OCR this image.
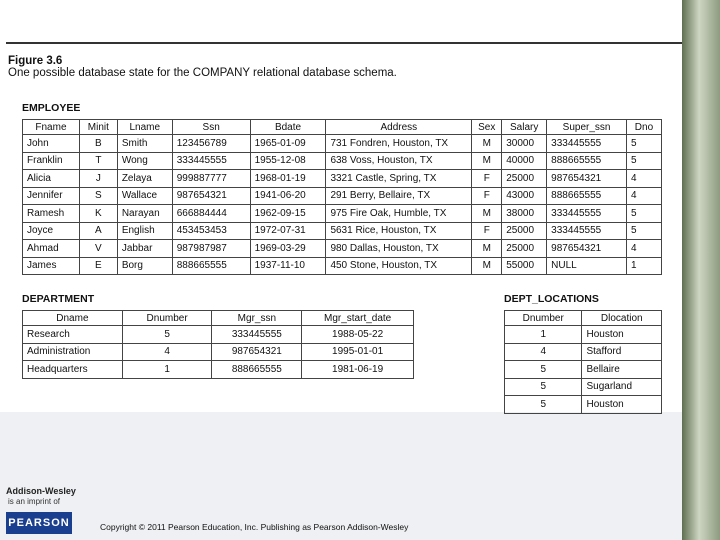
Figure 3.6
One possible database state for the COMPANY relational database schema.
EMPLOYEE
Fname	Minit	Lname	Ssn	Bdate	Address	Sex	Salary	Super_ssn	Dno
John	B	Smith	123456789	1965-01-09	731 Fondren, Houston, TX	M	30000	333445555	5
Franklin	T	Wong	333445555	1955-12-08	638 Voss, Houston, TX	M	40000	888665555	5
Alicia	J	Zelaya	999887777	1968-01-19	3321 Castle, Spring, TX	F	25000	987654321	4
Jennifer	S	Wallace	987654321	1941-06-20	291 Berry, Bellaire, TX	F	43000	888665555	4
Ramesh	K	Narayan	666884444	1962-09-15	975 Fire Oak, Humble, TX	M	38000	333445555	5
Joyce	A	English	453453453	1972-07-31	5631 Rice, Houston, TX	F	25000	333445555	5
Ahmad	V	Jabbar	987987987	1969-03-29	980 Dallas, Houston, TX	M	25000	987654321	4
James	E	Borg	888665555	1937-11-10	450 Stone, Houston, TX	M	55000	NULL	1
DEPARTMENT
Dname	Dnumber	Mgr_ssn	Mgr_start_date
Research	5	333445555	1988-05-22
Administration	4	987654321	1995-01-01
Headquarters	1	888665555	1981-06-19
DEPT_LOCATIONS
Dnumber	Dlocation
1	Houston
4	Stafford
5	Bellaire
5	Sugarland
5	Houston
Addison-Wesley
is an imprint of
PEARSON	Copyright © 2011 Pearson Education, Inc. Publishing as Pearson Addison-Wesley
